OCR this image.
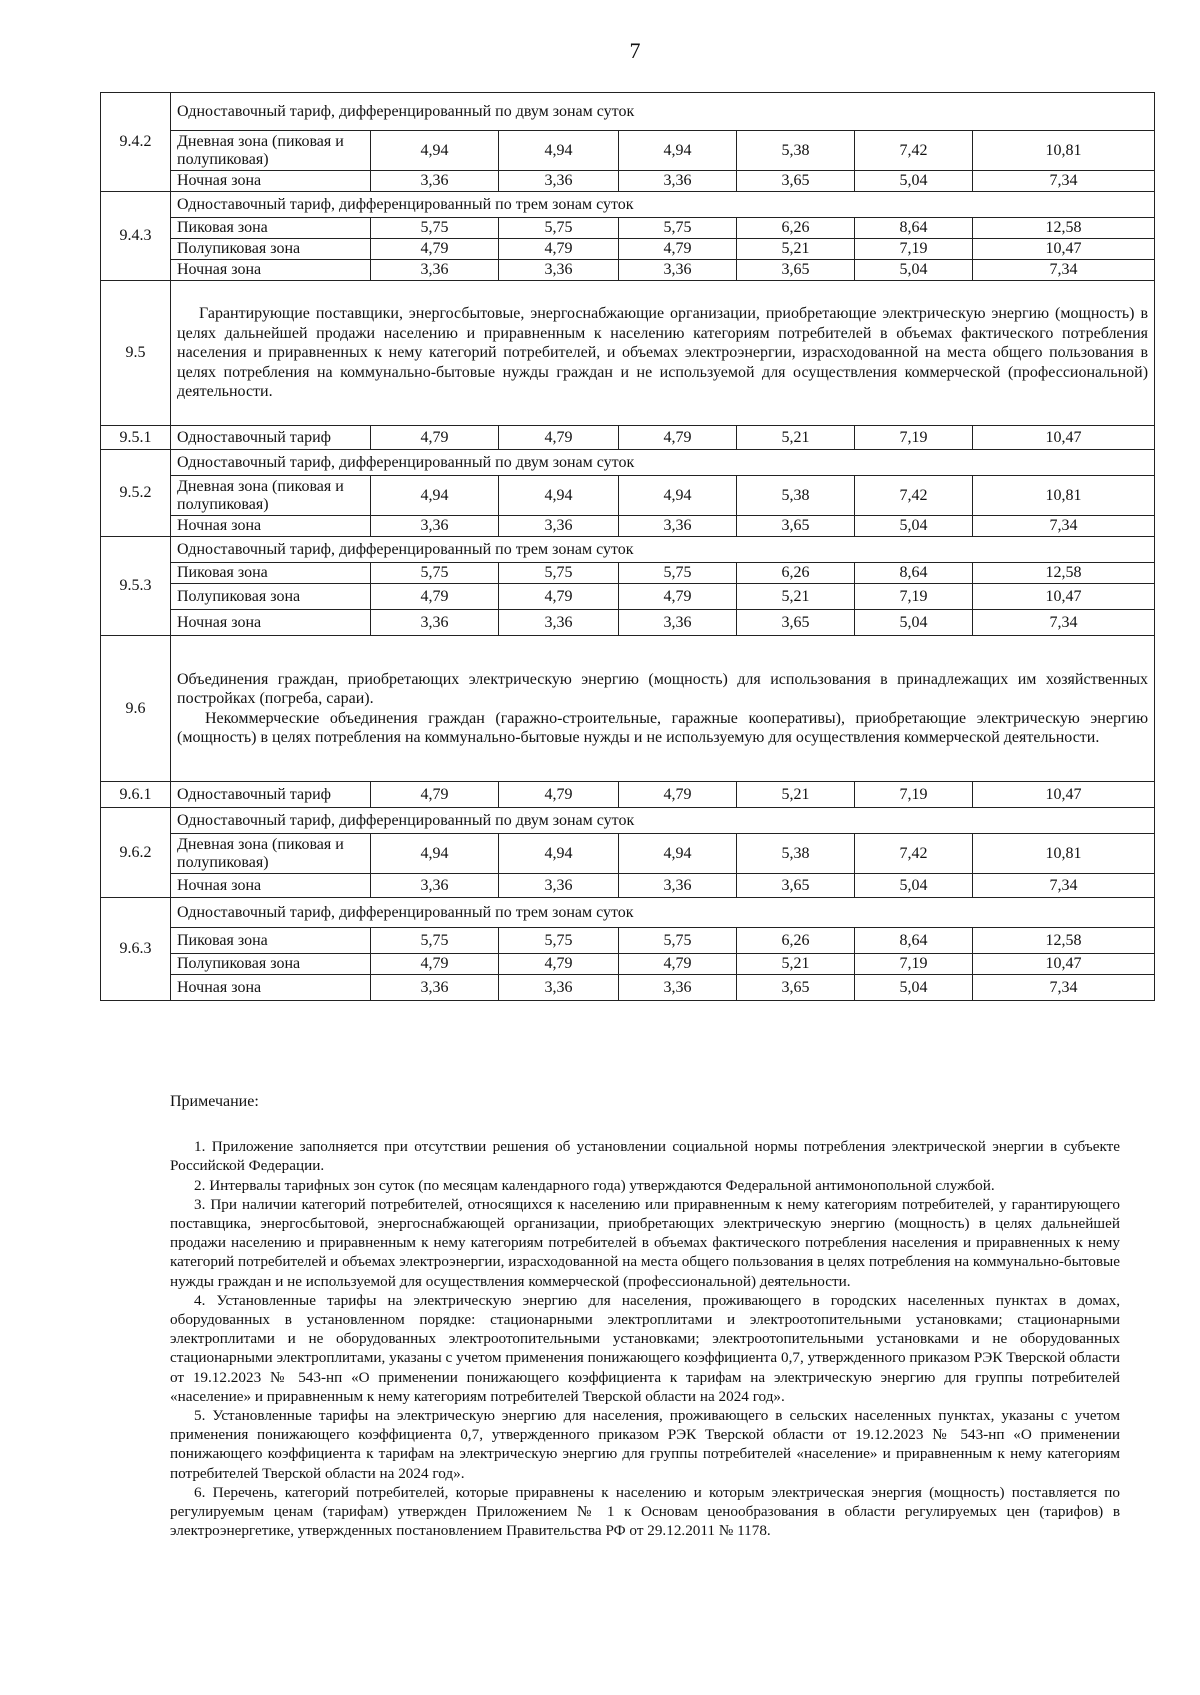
7
9.4.2	Одноставочный тариф, дифференцированный по двум зонам суток						
	Дневная зона (пиковая и полупиковая)	4,94	4,94	4,94	5,38	7,42	10,81
	Ночная зона	3,36	3,36	3,36	3,65	5,04	7,34
9.4.3	Одноставочный тариф, дифференцированный по трем зонам суток						
	Пиковая зона	5,75	5,75	5,75	6,26	8,64	12,58
	Полупиковая зона	4,79	4,79	4,79	5,21	7,19	10,47
	Ночная зона	3,36	3,36	3,36	3,65	5,04	7,34
9.5	Гарантирующие поставщики, энергосбытовые, энергоснабжающие организации, приобретающие электрическую энергию (мощность) в целях дальнейшей продажи населению и приравненным к населению категориям потребителей в объемах фактического потребления населения и приравненных к нему категорий потребителей, и объемах электроэнергии, израсходованной на места общего пользования в целях потребления на коммунально-бытовые нужды граждан и не используемой для осуществления коммерческой (профессиональной) деятельности.						

9.5.1	Одноставочный тариф	4,79	4,79	4,79	5,21	7,19	10,47
9.5.2	Одноставочный тариф, дифференцированный по двум зонам суток						
	Дневная зона (пиковая и полупиковая)	4,94	4,94	4,94	5,38	7,42	10,81
	Ночная зона	3,36	3,36	3,36	3,65	5,04	7,34
9.5.3	Одноставочный тариф, дифференцированный по трем зонам суток						
	Пиковая зона	5,75	5,75	5,75	6,26	8,64	12,58
	Полупиковая зона	4,79	4,79	4,79	5,21	7,19	10,47
	Ночная зона	3,36	3,36	3,36	3,65	5,04	7,34
9.6	Объединения граждан, приобретающих электрическую энергию (мощность) для использования в принадлежащих им хозяйственных постройках (погреба, сараи).

Некоммерческие объединения граждан (гаражно-строительные, гаражные кооперативы), приобретающие электрическую энергию (мощность) в целях потребления на коммунально-бытовые нужды и не используемую для осуществления коммерческой деятельности.						

9.6.1	Одноставочный тариф	4,79	4,79	4,79	5,21	7,19	10,47
9.6.2	Одноставочный тариф, дифференцированный по двум зонам суток						
	Дневная зона (пиковая и полупиковая)	4,94	4,94	4,94	5,38	7,42	10,81
	Ночная зона	3,36	3,36	3,36	3,65	5,04	7,34
9.6.3	Одноставочный тариф, дифференцированный по трем зонам суток						
	Пиковая зона	5,75	5,75	5,75	6,26	8,64	12,58
	Полупиковая зона	4,79	4,79	4,79	5,21	7,19	10,47
	Ночная зона	3,36	3,36	3,36	3,65	5,04	7,34
Примечание:

1. Приложение заполняется при отсутствии решения об установлении социальной нормы потребления электрической энергии в субъекте Российской Федерации.

2. Интервалы тарифных зон суток (по месяцам календарного года) утверждаются Федеральной антимонопольной службой.

3. При наличии категорий потребителей, относящихся к населению или приравненным к нему категориям потребителей, у гарантирующего поставщика, энергосбытовой, энергоснабжающей организации, приобретающих электрическую энергию (мощность) в целях дальнейшей продажи населению и приравненным к нему категориям потребителей в объемах фактического потребления населения и приравненных к нему категорий потребителей и объемах электроэнергии, израсходованной на места общего пользования в целях потребления на коммунально-бытовые нужды граждан и не используемой для осуществления коммерческой (профессиональной) деятельности.

4. Установленные тарифы на электрическую энергию для населения, проживающего в городских населенных пунктах в домах, оборудованных в установленном порядке: стационарными электроплитами и электроотопительными установками; стационарными электроплитами и не оборудованных электроотопительными установками; электроотопительными установками и не оборудованных стационарными электроплитами, указаны с учетом применения понижающего коэффициента 0,7, утвержденного приказом РЭК Тверской области от 19.12.2023 № 543-нп «О применении понижающего коэффициента к тарифам на электрическую энергию для группы потребителей «население» и приравненным к нему категориям потребителей Тверской области на 2024 год».

5. Установленные тарифы на электрическую энергию для населения, проживающего в сельских населенных пунктах, указаны с учетом применения понижающего коэффициента 0,7, утвержденного приказом РЭК Тверской области от 19.12.2023 № 543-нп «О применении понижающего коэффициента к тарифам на электрическую энергию для группы потребителей «население» и приравненным к нему категориям потребителей Тверской области на 2024 год».

6. Перечень, категорий потребителей, которые приравнены к населению и которым электрическая энергия (мощность) поставляется по регулируемым ценам (тарифам) утвержден Приложением № 1 к Основам ценообразования в области регулируемых цен (тарифов) в электроэнергетике, утвержденных постановлением Правительства РФ от 29.12.2011 № 1178.
